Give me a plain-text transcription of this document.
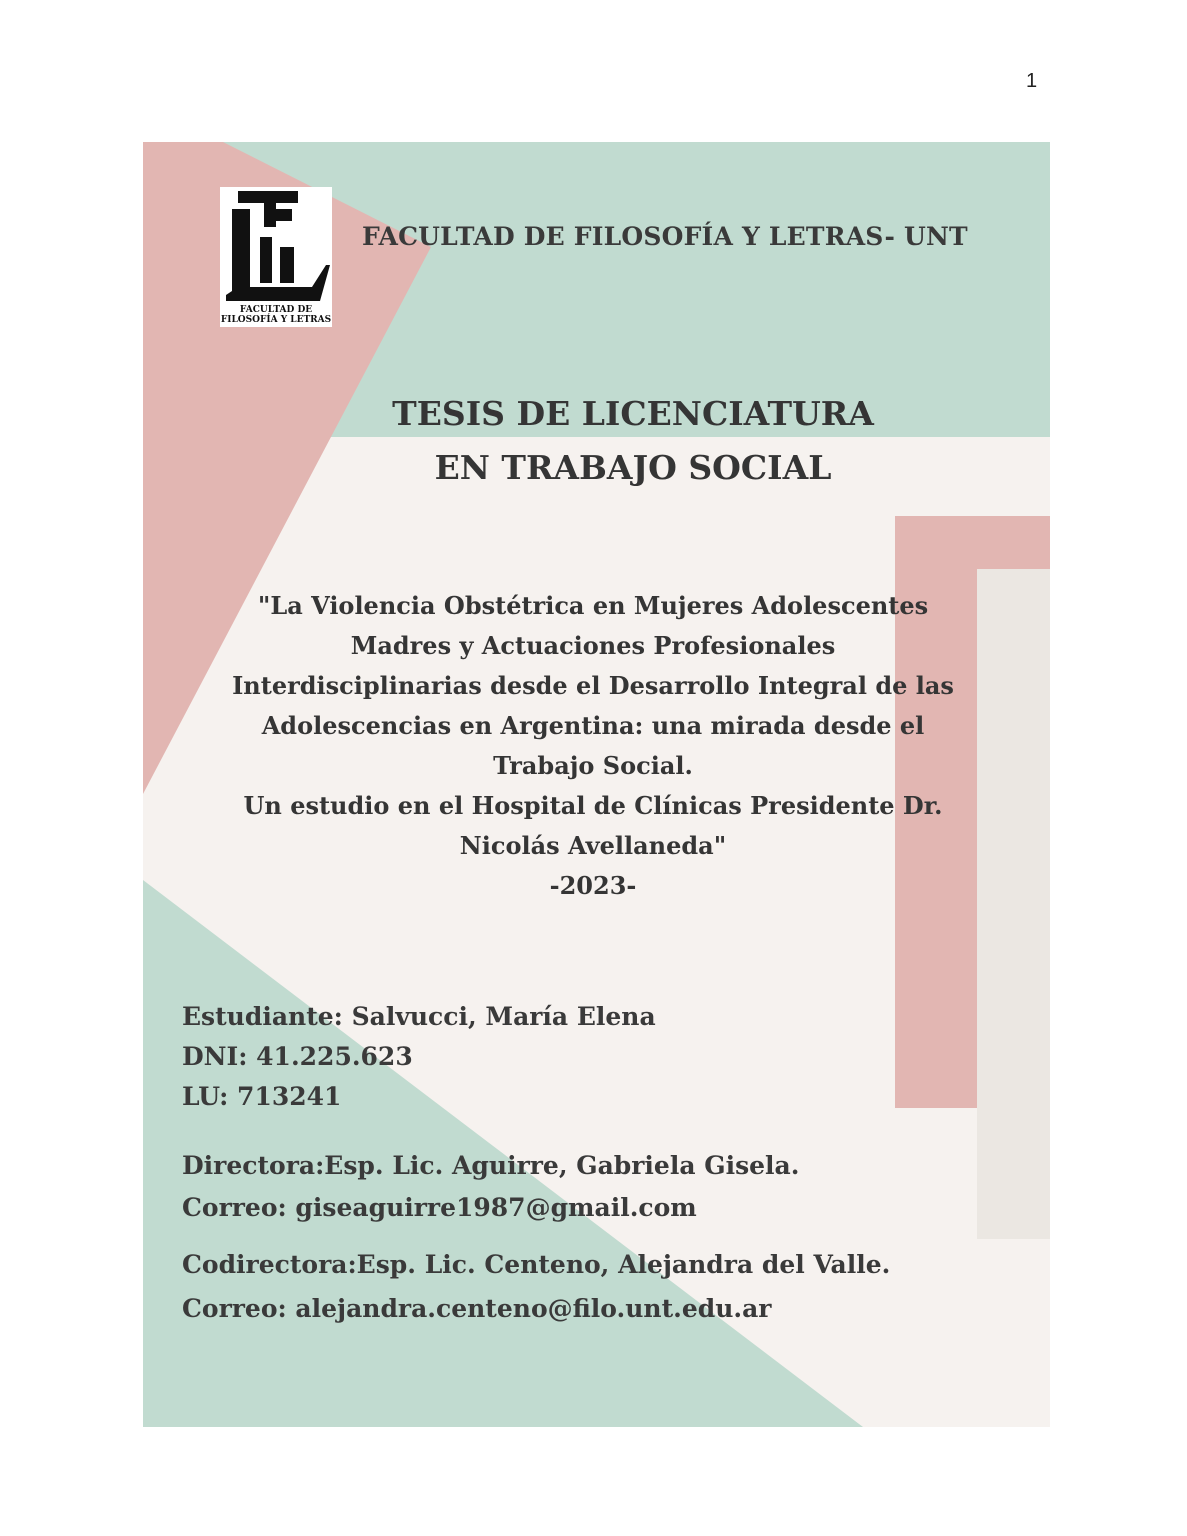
1
FACULTAD DE
FILOSOFÍA Y LETRAS
FACULTAD DE FILOSOFÍA Y LETRAS- UNT
TESIS DE LICENCIATURA
EN TRABAJO SOCIAL
"La Violencia Obstétrica en Mujeres Adolescentes
Madres y Actuaciones Profesionales
Interdisciplinarias desde el Desarrollo Integral de las
Adolescencias en Argentina: una mirada desde el
Trabajo Social.
Un estudio en el Hospital de Clínicas Presidente Dr.
Nicolás Avellaneda"
-2023-
Estudiante: Salvucci, María Elena
DNI: 41.225.623
LU: 713241
Directora:Esp. Lic. Aguirre, Gabriela Gisela.
Correo: giseaguirre1987@gmail.com
Codirectora:Esp. Lic. Centeno, Alejandra del Valle.
Correo: alejandra.centeno@filo.unt.edu.ar
